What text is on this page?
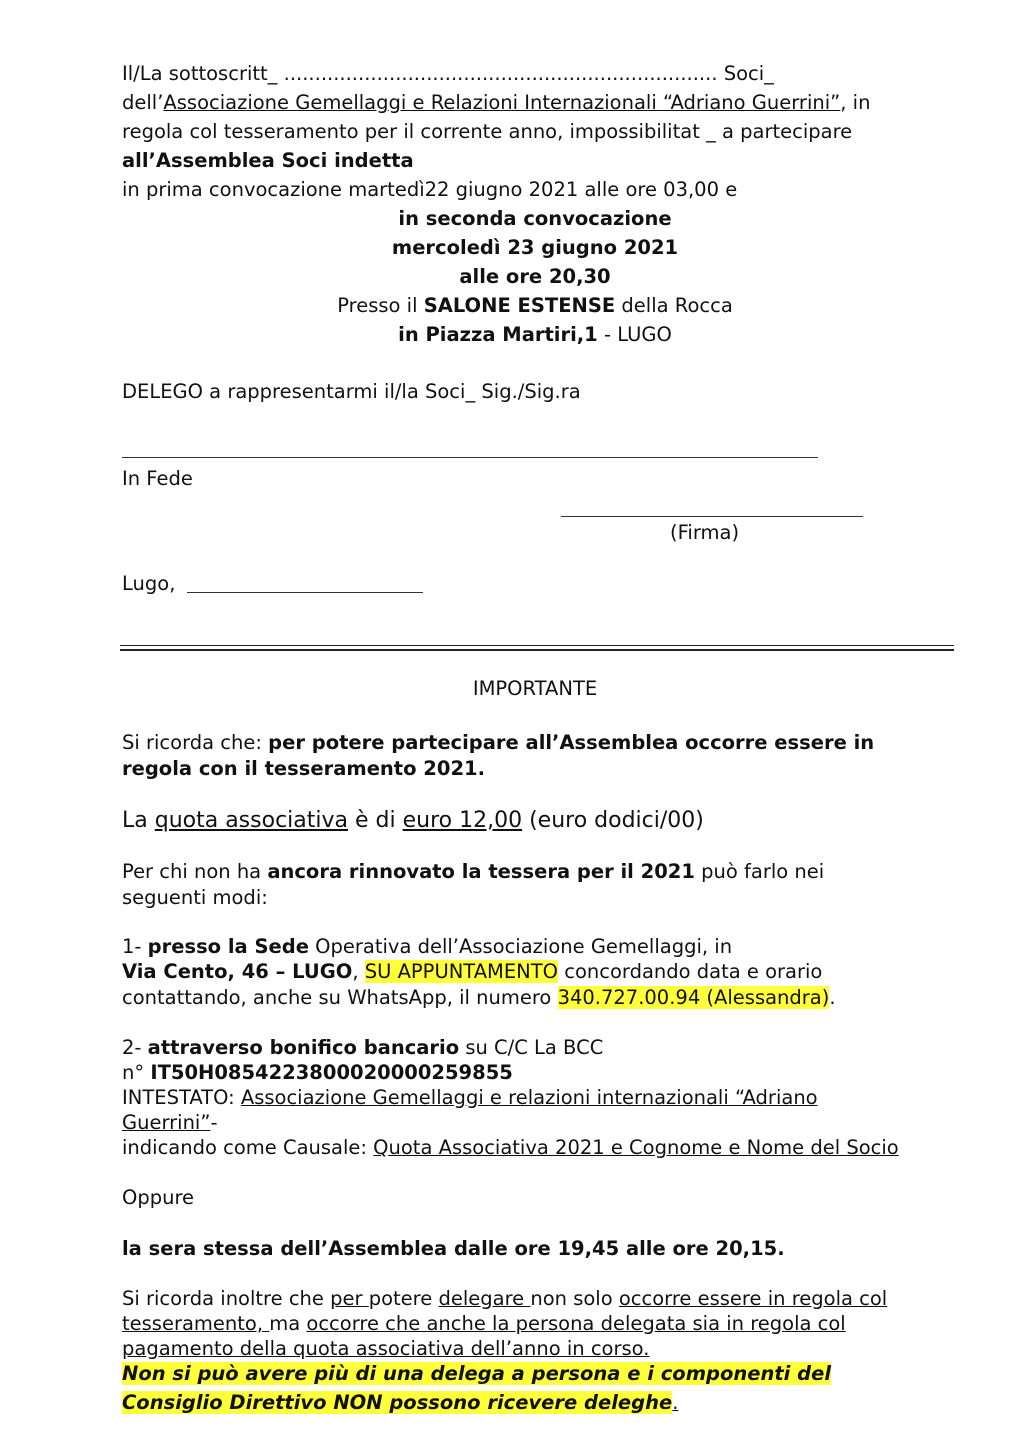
Il/La sottoscritt_ ...................................................................... Soci_
dell’Associazione Gemellaggi e Relazioni Internazionali “Adriano Guerrini”, in
regola col tesseramento per il corrente anno, impossibilitat _ a partecipare
all’Assemblea Soci indetta
in prima convocazione martedì22 giugno 2021 alle ore 03,00 e
in seconda convocazione
mercoledì 23 giugno 2021
alle ore 20,30
Presso il SALONE ESTENSE della Rocca
in Piazza Martiri,1 - LUGO
DELEGO a rappresentarmi il/la Soci_ Sig./Sig.ra
In Fede
(Firma)
Lugo,
IMPORTANTE
Si ricorda che: per potere partecipare all’Assemblea occorre essere in
regola con il tesseramento 2021.
La quota associativa è di euro 12,00 (euro dodici/00)
Per chi non ha ancora rinnovato la tessera per il 2021 può farlo nei
seguenti modi:
1- presso la Sede Operativa dell’Associazione Gemellaggi, in
Via Cento, 46 – LUGO, SU APPUNTAMENTO concordando data e orario
contattando, anche su WhatsApp, il numero 340.727.00.94 (Alessandra).
2- attraverso bonifico bancario su C/C La BCC
n° IT50H0854223800020000259855
INTESTATO: Associazione Gemellaggi e relazioni internazionali “Adriano
Guerrini”-
indicando come Causale: Quota Associativa 2021 e Cognome e Nome del Socio
Oppure
la sera stessa dell’Assemblea dalle ore 19,45 alle ore 20,15.
Si ricorda inoltre che per potere delegare non solo occorre essere in regola col
tesseramento, ma occorre che anche la persona delegata sia in regola col
pagamento della quota associativa dell’anno in corso.
Non si può avere più di una delega a persona e i componenti del
Consiglio Direttivo NON possono ricevere deleghe.
